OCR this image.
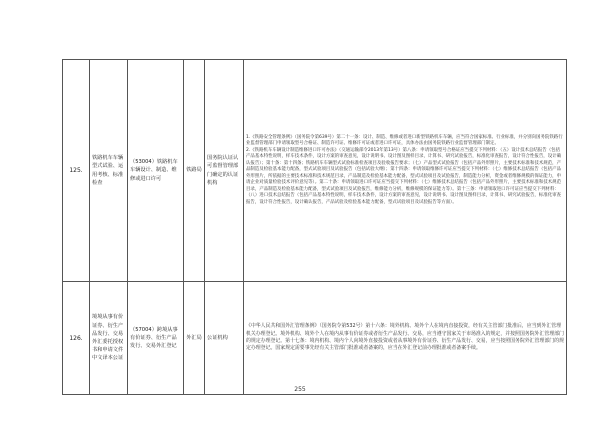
125.	铁路机车车辆型式试验、运用考核、标准检查	（53004）铁路机车车辆设计、制造、维修或进口许可	铁路局	国务院认证认可监督管理部门确定的认证机构	1.《铁路安全管理条例》（国务院令第639号）第二十一条：设计、制造、维修或者进口新型铁路机车车辆，应当符合国家标准、行业标准，并分别向国务院铁路行业监督管理部门申请领取型号合格证、制造许可证、维修许可证或者进口许可证，具体办法由国务院铁路行业监督管理部门制定。
2.《铁路机车车辆设计制造维修进口许可办法》（交通运输部令2013年第13号）第八条：申请领取型号合格证应当提交下列材料：（五）设计技术总结报告（包括产品基本特性说明，样车技术条件，设计方案的审查意见，设计说明书、设计图及图样目录，计算书、研究试验报告，标准化审查报告，设计符合性报告，设计确认报告）；第十条：第十四条；铁路机车车辆型式试验标准检查项目及验收报告要求；（七）产品型式试验报告（包括产品外形照片，主要技术标准和技术规范，产品制造及检验基本能力配备，型式试验项目及试验报告（包括试验大纲）；第十四条：申请领取维修许可证应当提交下列材料：（七）维修技术总结报告（包括产品外形照片，所依据的主要技术标准和技术规范目录，产品制造及检验基本能力配备，型式试验项目及试验报告，制造能力分析，资金或者维修规模的保证能力，申请企业对质量检验技术评价意见等）。第二十条：申请领取进口许可证应当提交下列材料：（七）维修技术总结报告（包括产品外形照片，主要技术标准和技术规范目录，产品制造及检验基本能力配备，型式试验项目及试验报告，维修能力分析，维修规模的保证能力等）。第十三条：申请领取进口许可证应当提交下列材料：（八）进口技术总结报告（包括产品基本特性说明，样车技术条件，设计方案的审查意见，设计说明书、设计图及图样目录，计算书、研究试验报告，标准化审查报告，设计符合性报告，设计确认报告，产品试验及检验基本能力配备，型式试验项目及试验报告等方面）。

126.	境境从事有价证券、衍生产品发行、交易外汇委托授权书和申请文件中文译本公证	（57004）跨境从事有价证券、衍生产品发行、交易外汇登记	外汇局	公证机构	《中华人民共和国外汇管理条例》（国务院令第532号）第十六条：境外机构、境外个人在境内直接投资，经有关主管部门批准后，应当到外汇管理机关办理登记。境外机构、境外个人在境内从事有价证券或者衍生产品发行、交易，应当遵守国家关于市场准入的规定，并按照国务院外汇管理部门的规定办理登记。第十七条：境内机构、境内个人向境外直接投资或者从事境外有价证券、衍生产品发行、交易，应当按照国务院外汇管理部门的规定办理登记。国家规定需要事先经有关主管部门批准或者备案的，应当在外汇登记前办理批准或者备案手续。
255
